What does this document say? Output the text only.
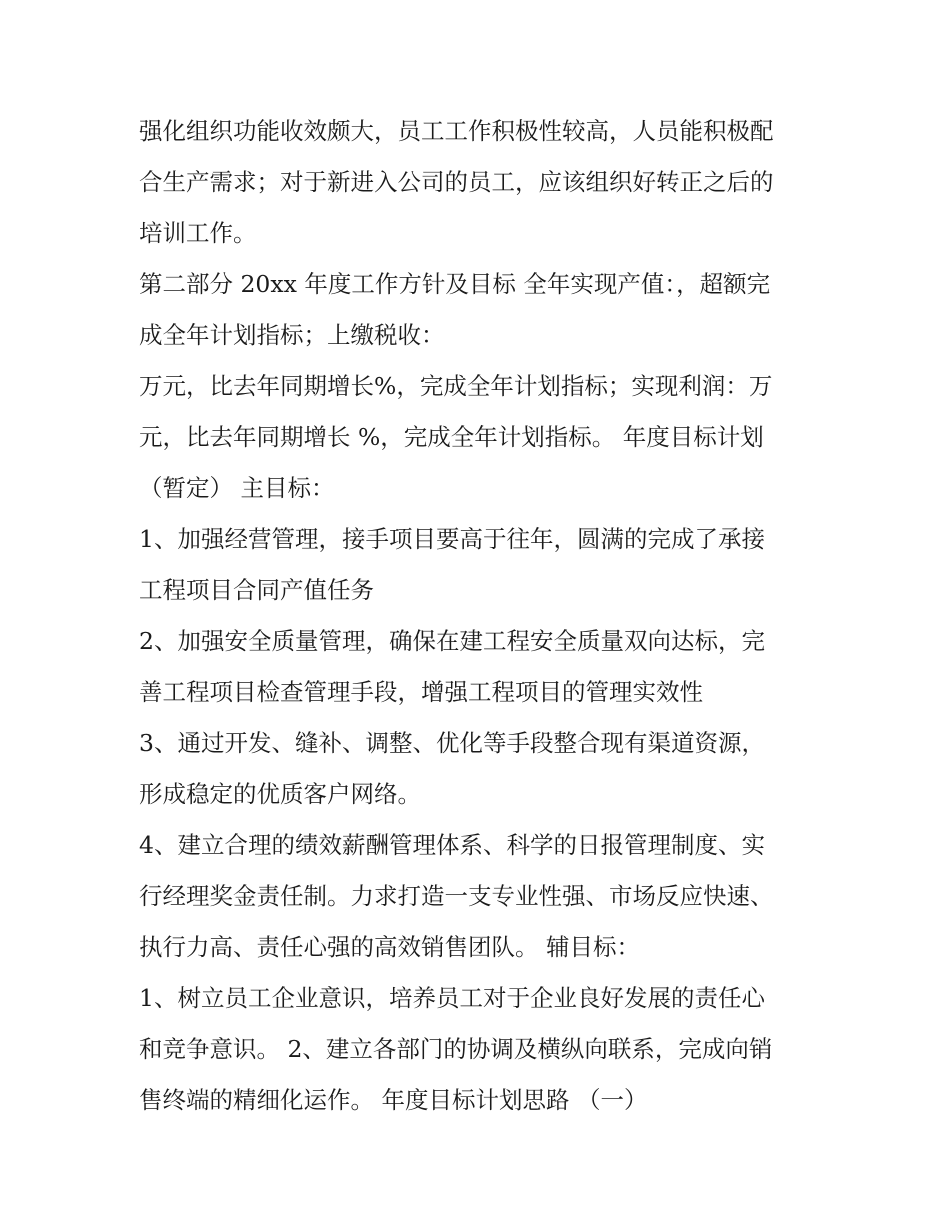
强化组织功能收效颇大，员工工作积极性较高，人员能积极配
合生产需求；对于新进入公司的员工，应该组织好转正之后的
培训工作。
第二部分 20xx 年度工作方针及目标 全年实现产值：，超额完
成全年计划指标；上缴税收：
万元，比去年同期增长%，完成全年计划指标；实现利润：万
元，比去年同期增长 %，完成全年计划指标。 年度目标计划
（暂定） 主目标：
1、加强经营管理，接手项目要高于往年，圆满的完成了承接
工程项目合同产值任务
2、加强安全质量管理，确保在建工程安全质量双向达标，完
善工程项目检查管理手段，增强工程项目的管理实效性
3、通过开发、缝补、调整、优化等手段整合现有渠道资源，
形成稳定的优质客户网络。
4、建立合理的绩效薪酬管理体系、科学的日报管理制度、实
行经理奖金责任制。力求打造一支专业性强、市场反应快速、
执行力高、责任心强的高效销售团队。 辅目标：
1、树立员工企业意识，培养员工对于企业良好发展的责任心
和竞争意识。 2、建立各部门的协调及横纵向联系，完成向销
售终端的精细化运作。 年度目标计划思路 （一）
